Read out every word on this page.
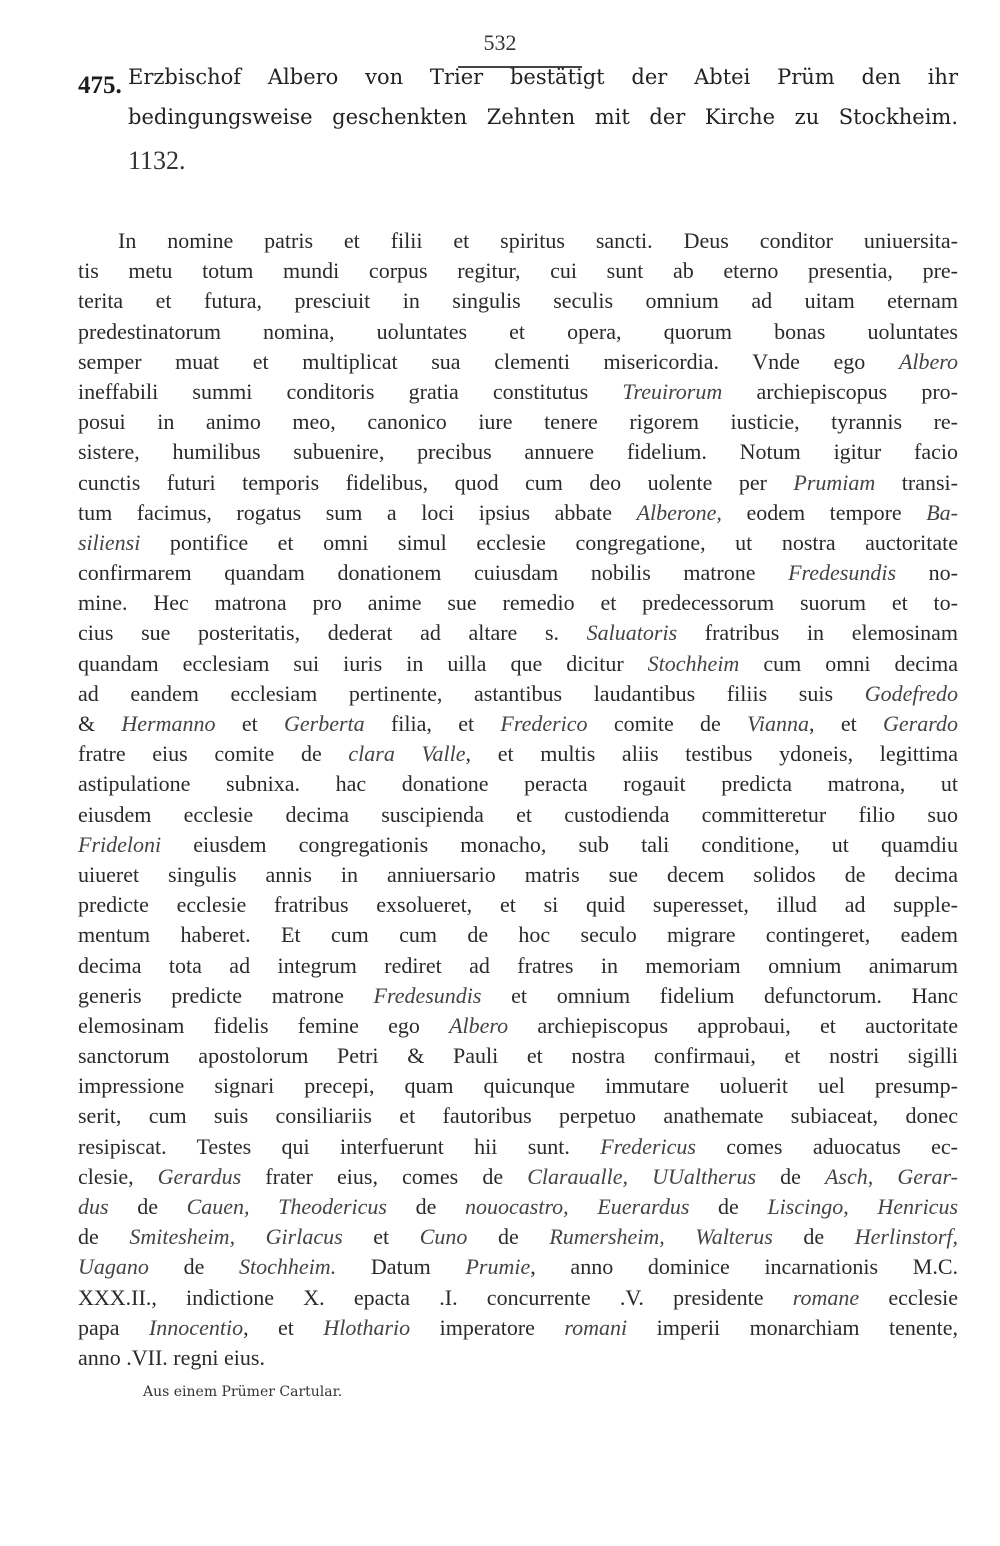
532
475. Erzbischof Albero von Trier bestätigt der Abtei Prüm den ihr
bedingungsweise geschenkten Zehnten mit der Kirche zu Stockheim.
1132.
In nomine patris et filii et spiritus sancti. Deus conditor uniuersita-
tis metu totum mundi corpus regitur, cui sunt ab eterno presentia, pre-
terita et futura, presciuit in singulis seculis omnium ad uitam eternam
predestinatorum nomina, uoluntates et opera, quorum bonas uoluntates
semper muat et multiplicat sua clementi misericordia. Vnde ego Albero
ineffabili summi conditoris gratia constitutus Treuirorum archiepiscopus pro-
posui in animo meo, canonico iure tenere rigorem iusticie, tyrannis re-
sistere, humilibus subuenire, precibus annuere fidelium. Notum igitur facio
cunctis futuri temporis fidelibus, quod cum deo uolente per Prumiam transi-
tum facimus, rogatus sum a loci ipsius abbate Alberone, eodem tempore Ba-
siliensi pontifice et omni simul ecclesie congregatione, ut nostra auctoritate
confirmarem quandam donationem cuiusdam nobilis matrone Fredesundis no-
mine. Hec matrona pro anime sue remedio et predecessorum suorum et to-
cius sue posteritatis, dederat ad altare s. Saluatoris fratribus in elemosinam
quandam ecclesiam sui iuris in uilla que dicitur Stochheim cum omni decima
ad eandem ecclesiam pertinente, astantibus laudantibus filiis suis Godefredo
& Hermanno et Gerberta filia, et Frederico comite de Vianna, et Gerardo
fratre eius comite de clara Valle, et multis aliis testibus ydoneis, legittima
astipulatione subnixa. hac donatione peracta rogauit predicta matrona, ut
eiusdem ecclesie decima suscipienda et custodienda committeretur filio suo
Frideloni eiusdem congregationis monacho, sub tali conditione, ut quamdiu
uiueret singulis annis in anniuersario matris sue decem solidos de decima
predicte ecclesie fratribus exsolueret, et si quid superesset, illud ad supple-
mentum haberet. Et cum cum de hoc seculo migrare contingeret, eadem
decima tota ad integrum rediret ad fratres in memoriam omnium animarum
generis predicte matrone Fredesundis et omnium fidelium defunctorum. Hanc
elemosinam fidelis femine ego Albero archiepiscopus approbaui, et auctoritate
sanctorum apostolorum Petri & Pauli et nostra confirmaui, et nostri sigilli
impressione signari precepi, quam quicunque immutare uoluerit uel presump-
serit, cum suis consiliariis et fautoribus perpetuo anathemate subiaceat, donec
resipiscat. Testes qui interfuerunt hii sunt. Fredericus comes aduocatus ec-
clesie, Gerardus frater eius, comes de Claraualle, UUaltherus de Asch, Gerar-
dus de Cauen, Theodericus de nouocastro, Euerardus de Liscingo, Henricus
de Smitesheim, Girlacus et Cuno de Rumersheim, Walterus de Herlinstorf,
Uagano de Stochheim. Datum Prumie, anno dominice incarnationis M.C.
XXX.II., indictione X. epacta .I. concurrente .V. presidente romane ecclesie
papa Innocentio, et Hlothario imperatore romani imperii monarchiam tenente,
anno .VII. regni eius.
Aus einem Prümer Cartular.
